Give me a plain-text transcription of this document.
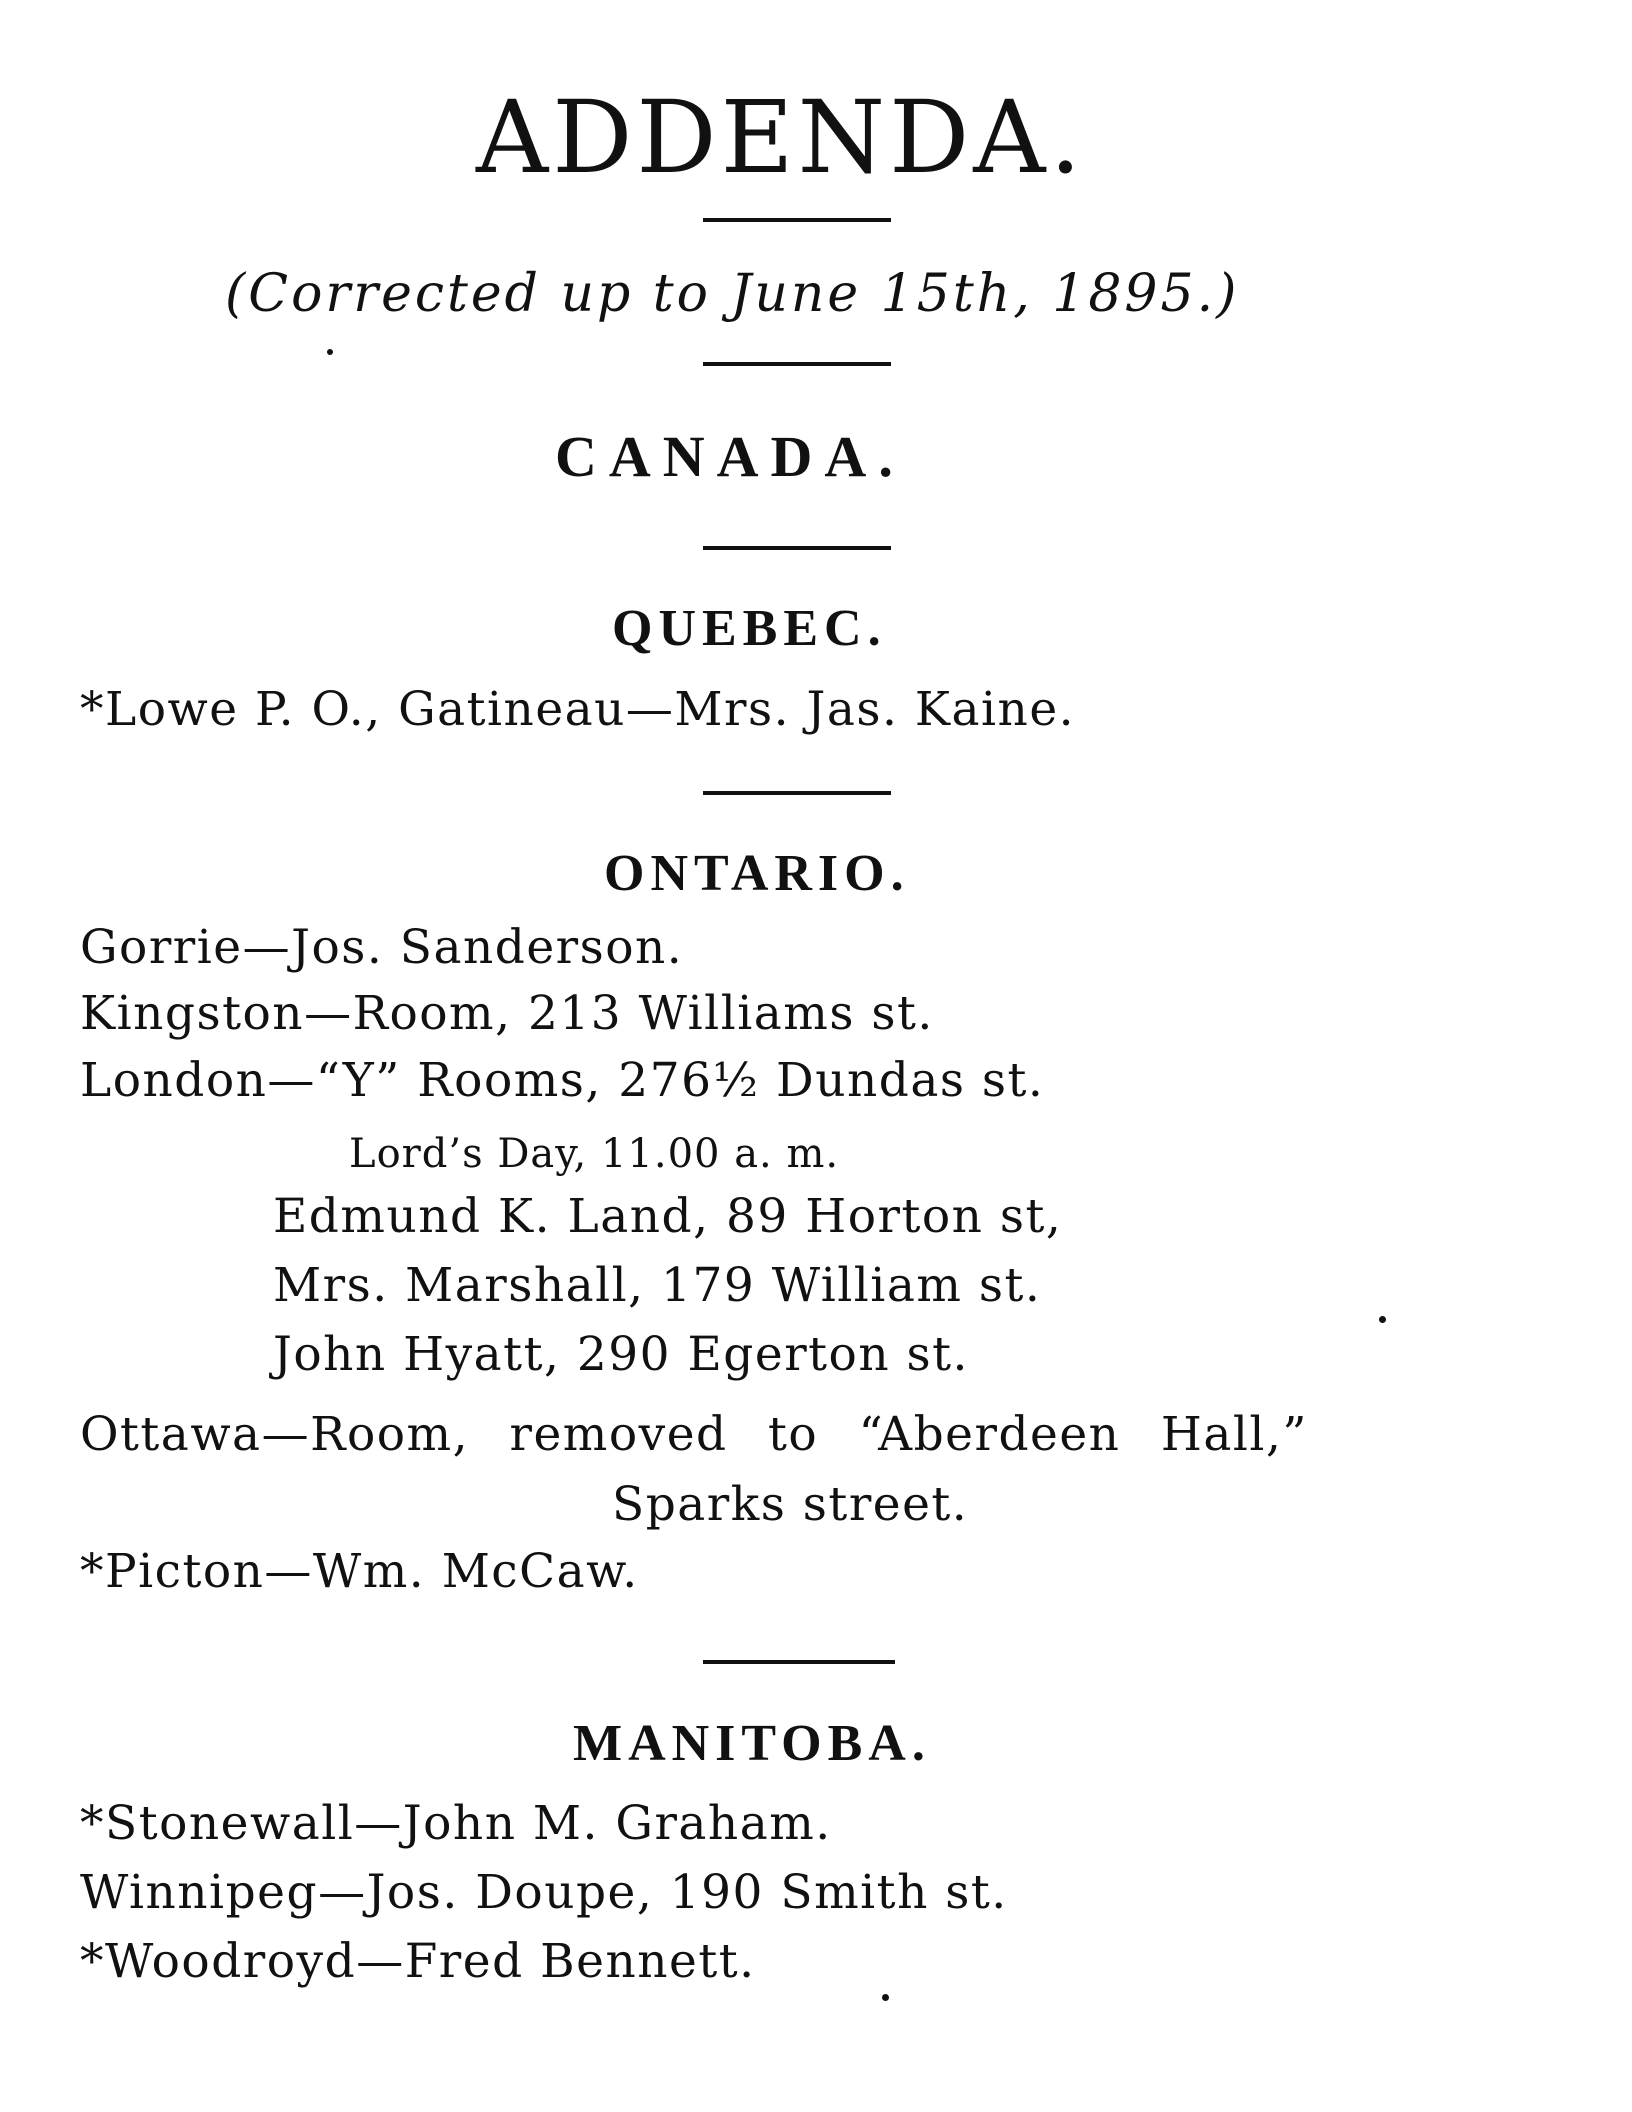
ADDENDA.
(Corrected up to June 15th, 1895.)
CANADA.
QUEBEC.
*Lowe P. O., Gatineau—Mrs. Jas. Kaine.
ONTARIO.
Gorrie—Jos. Sanderson.
Kingston—Room, 213 Williams st.
London—“Y” Rooms, 276½ Dundas st.
Lord’s Day, 11.00 a. m.
Edmund K. Land, 89 Horton st,
Mrs. Marshall, 179 William st.
John Hyatt, 290 Egerton st.
Ottawa—Room, removed to “Aberdeen Hall,”
Sparks street.
*Picton—Wm. McCaw.
MANITOBA.
*Stonewall—John M. Graham.
Winnipeg—Jos. Doupe, 190 Smith st.
*Woodroyd—Fred Bennett.
